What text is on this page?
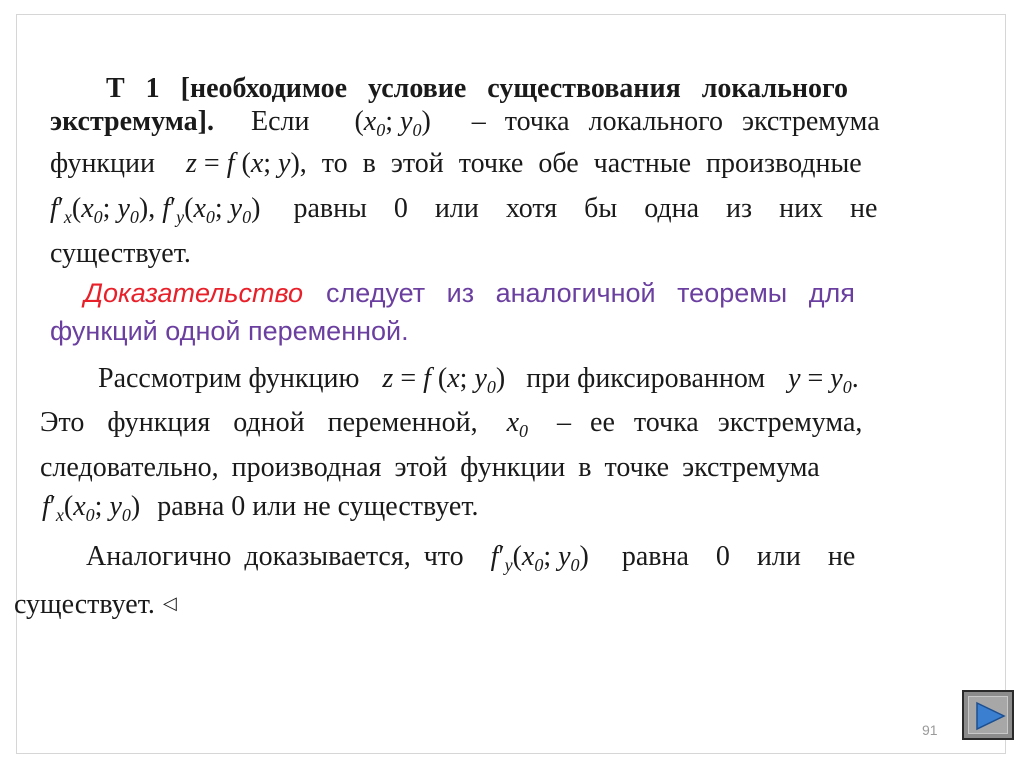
Т 1 [необходимое условие существования локального
экстремума]. Если ($x_0$; $y_0$) – точка локального экстремума
функции z = f (x; y), то в этой точке обе частные производные
$f'_x(x_0$; $y_0$), $f'_y(x_0$; $y_0$) равны 0 или хотя бы одна из них не
существует.
Доказательство следует из аналогичной теоремы для
функций одной переменной.
Рассмотрим функцию z = f (x; $y_0$) при фиксированном $y = y_0$.
Это функция одной переменной, $x_0$ – ее точка экстремума,
следовательно, производная этой функции в точке экстремума
$f'_x(x_0$; $y_0$) равна 0 или не существует.
Аналогично доказывается, что $f'_y(x_0$; $y_0$) равна 0 или не
существует. ◁
91
